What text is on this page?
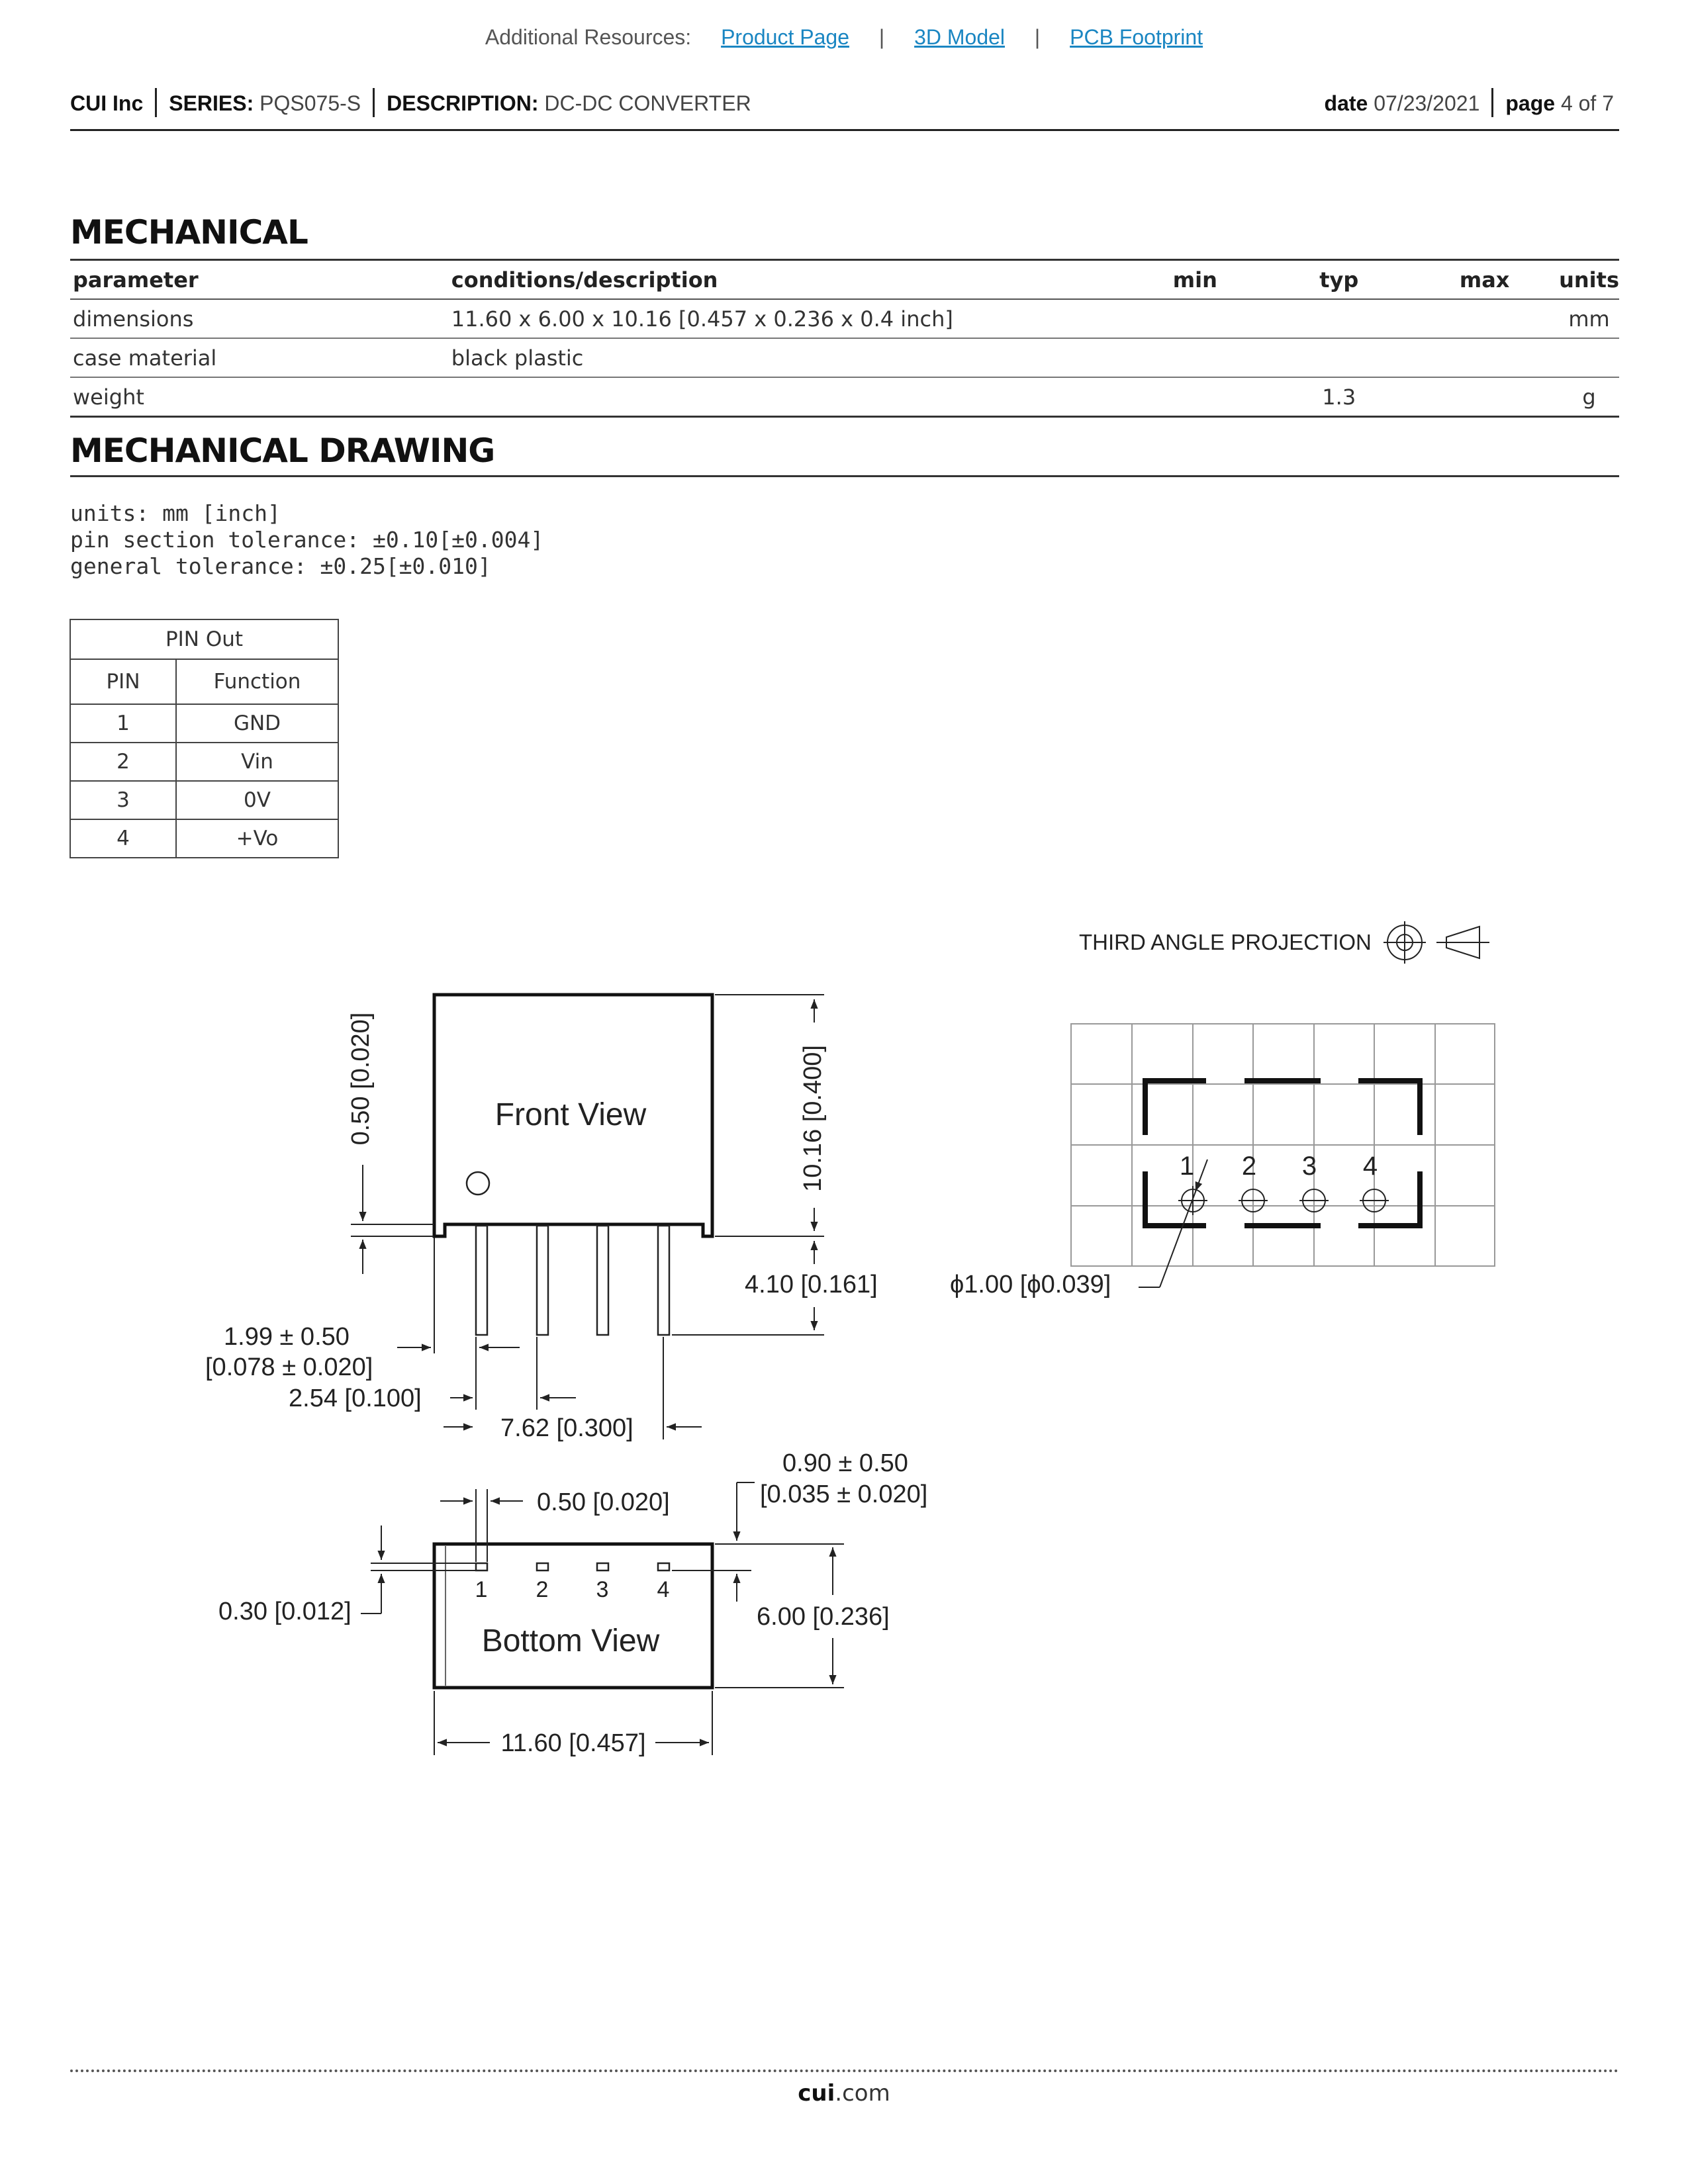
Additional Resources: Product Page | 3D Model | PCB Footprint
CUI Inc SERIES: PQS075-S DESCRIPTION: DC-DC CONVERTER	date 07/23/2021 page 4 of 7
MECHANICAL
parameter	conditions/description	min	typ	max	units
dimensions	11.60 x 6.00 x 10.16 [0.457 x 0.236 x 0.4 inch]				mm
case material	black plastic				
weight			1.3		g
MECHANICAL DRAWING
units: mm [inch]
pin section tolerance: ±0.10[±0.004]
general tolerance: ±0.25[±0.010]
PIN Out	
PIN	Function
1	GND
2	Vin
3	0V
4	+Vo
THIRD ANGLE PROJECTION
Front View	10.16 [0.400]
0.50 [0.020]
4.10 [0.161]
1.99 ± 0.50
[0.078 ± 0.020]
2.54 [0.100]
7.62 [0.300]
1 2 3 4
ϕ1.00 [ϕ0.039]
1 2 3 4
Bottom View
0.50 [0.020]
0.30 [0.012]
0.90 ± 0.50
[0.035 ± 0.020]
6.00 [0.236]
11.60 [0.457]
cui.com
